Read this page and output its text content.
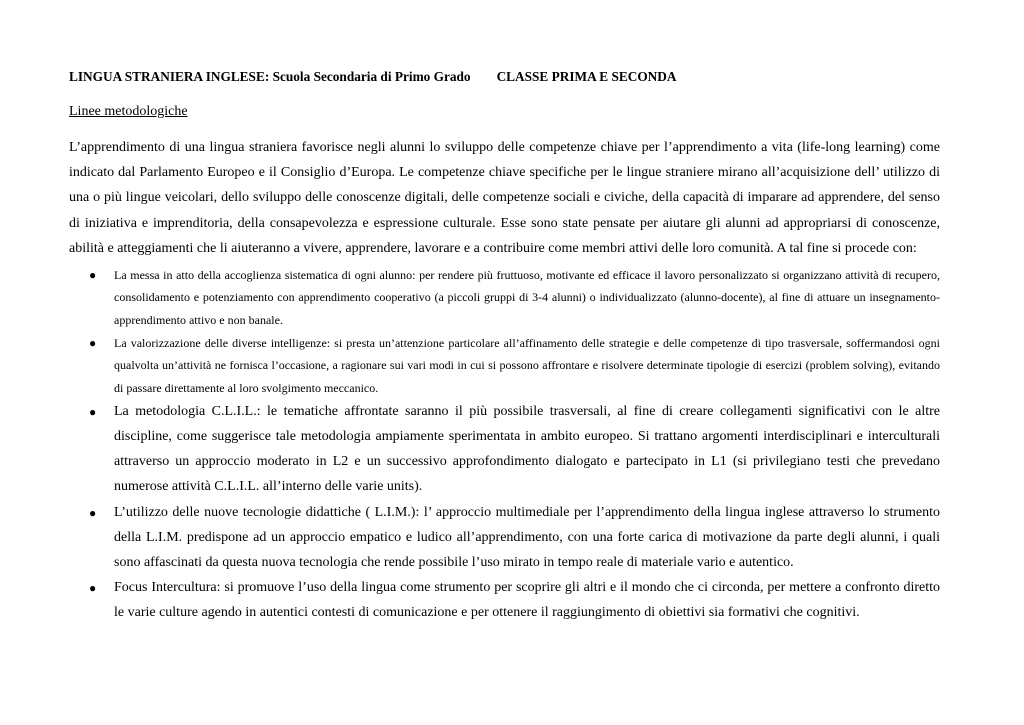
LINGUA STRANIERA INGLESE: Scuola Secondaria di Primo Grado CLASSE PRIMA E SECONDA
Linee metodologiche
L’apprendimento di una lingua straniera favorisce negli alunni lo sviluppo delle competenze chiave per l’apprendimento a vita (life-long learning) come indicato dal Parlamento Europeo e il Consiglio d’Europa. Le competenze chiave specifiche per le lingue straniere mirano all’acquisizione dell’ utilizzo di una o più lingue veicolari, dello sviluppo delle conoscenze digitali, delle competenze sociali e civiche, della capacità di imparare ad apprendere, del senso di iniziativa e imprenditoria, della consapevolezza e espressione culturale. Esse sono state pensate per aiutare gli alunni ad appropriarsi di conoscenze, abilità e atteggiamenti che li aiuteranno a vivere, apprendere, lavorare e a contribuire come membri attivi delle loro comunità. A tal fine si procede con:
● La messa in atto della accoglienza sistematica di ogni alunno: per rendere più fruttuoso, motivante ed efficace il lavoro personalizzato si organizzano attività di recupero, consolidamento e potenziamento con apprendimento cooperativo (a piccoli gruppi di 3-4 alunni) o individualizzato (alunno-docente), al fine di attuare un insegnamento-apprendimento attivo e non banale.
● La valorizzazione delle diverse intelligenze: si presta un’attenzione particolare all’affinamento delle strategie e delle competenze di tipo trasversale, soffermandosi ogni qualvolta un’attività ne fornisca l’occasione, a ragionare sui vari modi in cui si possono affrontare e risolvere determinate tipologie di esercizi (problem solving), evitando di passare direttamente al loro svolgimento meccanico.
● La metodologia C.L.I.L.: le tematiche affrontate saranno il più possibile trasversali, al fine di creare collegamenti significativi con le altre discipline, come suggerisce tale metodologia ampiamente sperimentata in ambito europeo. Si trattano argomenti interdisciplinari e interculturali attraverso un approccio moderato in L2 e un successivo approfondimento dialogato e partecipato in L1 (si privilegiano testi che prevedano numerose attività C.L.I.L. all’interno delle varie units).
● L’utilizzo delle nuove tecnologie didattiche ( L.I.M.): l’ approccio multimediale per l’apprendimento della lingua inglese attraverso lo strumento della L.I.M. predispone ad un approccio empatico e ludico all’apprendimento, con una forte carica di motivazione da parte degli alunni, i quali sono affascinati da questa nuova tecnologia che rende possibile l’uso mirato in tempo reale di materiale vario e autentico.
● Focus Intercultura: si promuove l’uso della lingua come strumento per scoprire gli altri e il mondo che ci circonda, per mettere a confronto diretto le varie culture agendo in autentici contesti di comunicazione e per ottenere il raggiungimento di obiettivi sia formativi che cognitivi.
